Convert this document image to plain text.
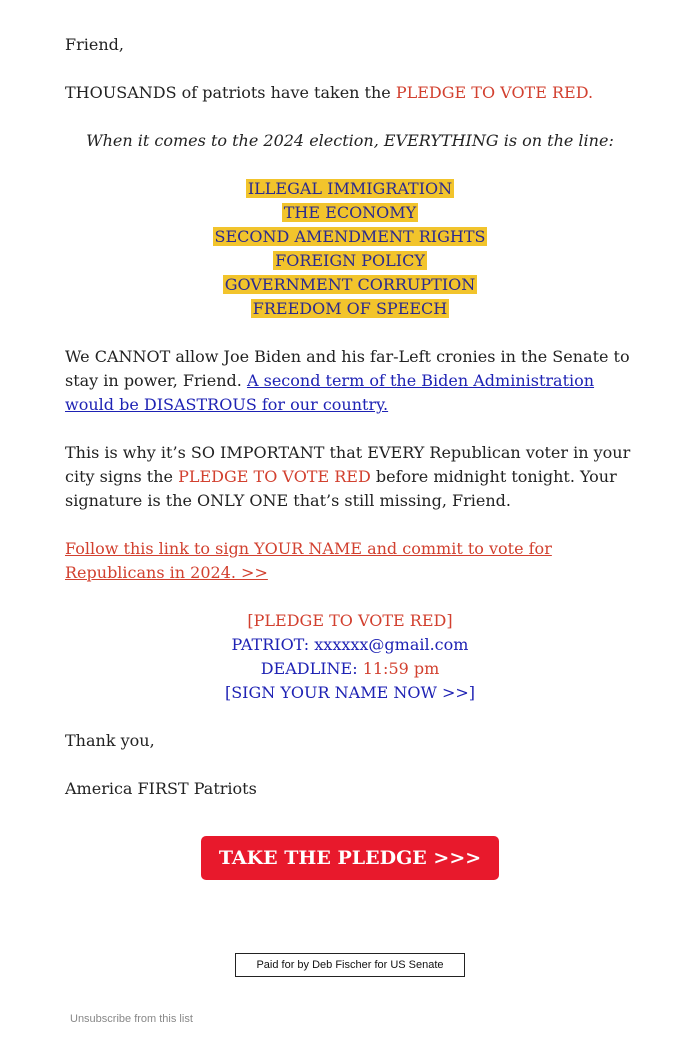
Friend,

THOUSANDS of patriots have taken the PLEDGE TO VOTE RED.

When it comes to the 2024 election, EVERYTHING is on the line:

ILLEGAL IMMIGRATION
THE ECONOMY
SECOND AMENDMENT RIGHTS
FOREIGN POLICY
GOVERNMENT CORRUPTION
FREEDOM OF SPEECH

We CANNOT allow Joe Biden and his far-Left cronies in the Senate to stay in power, Friend. A second term of the Biden Administration would be DISASTROUS for our country.

This is why it’s SO IMPORTANT that EVERY Republican voter in your city signs the PLEDGE TO VOTE RED before midnight tonight. Your signature is the ONLY ONE that’s still missing, Friend.

Follow this link to sign YOUR NAME and commit to vote for Republicans in 2024. >>

[PLEDGE TO VOTE RED]
PATRIOT: xxxxxx@gmail.com
DEADLINE: 11:59 pm
[SIGN YOUR NAME NOW >>]

Thank you,

America FIRST Patriots

TAKE THE PLEDGE >>>
Paid for by Deb Fischer for US Senate
Unsubscribe from this list
